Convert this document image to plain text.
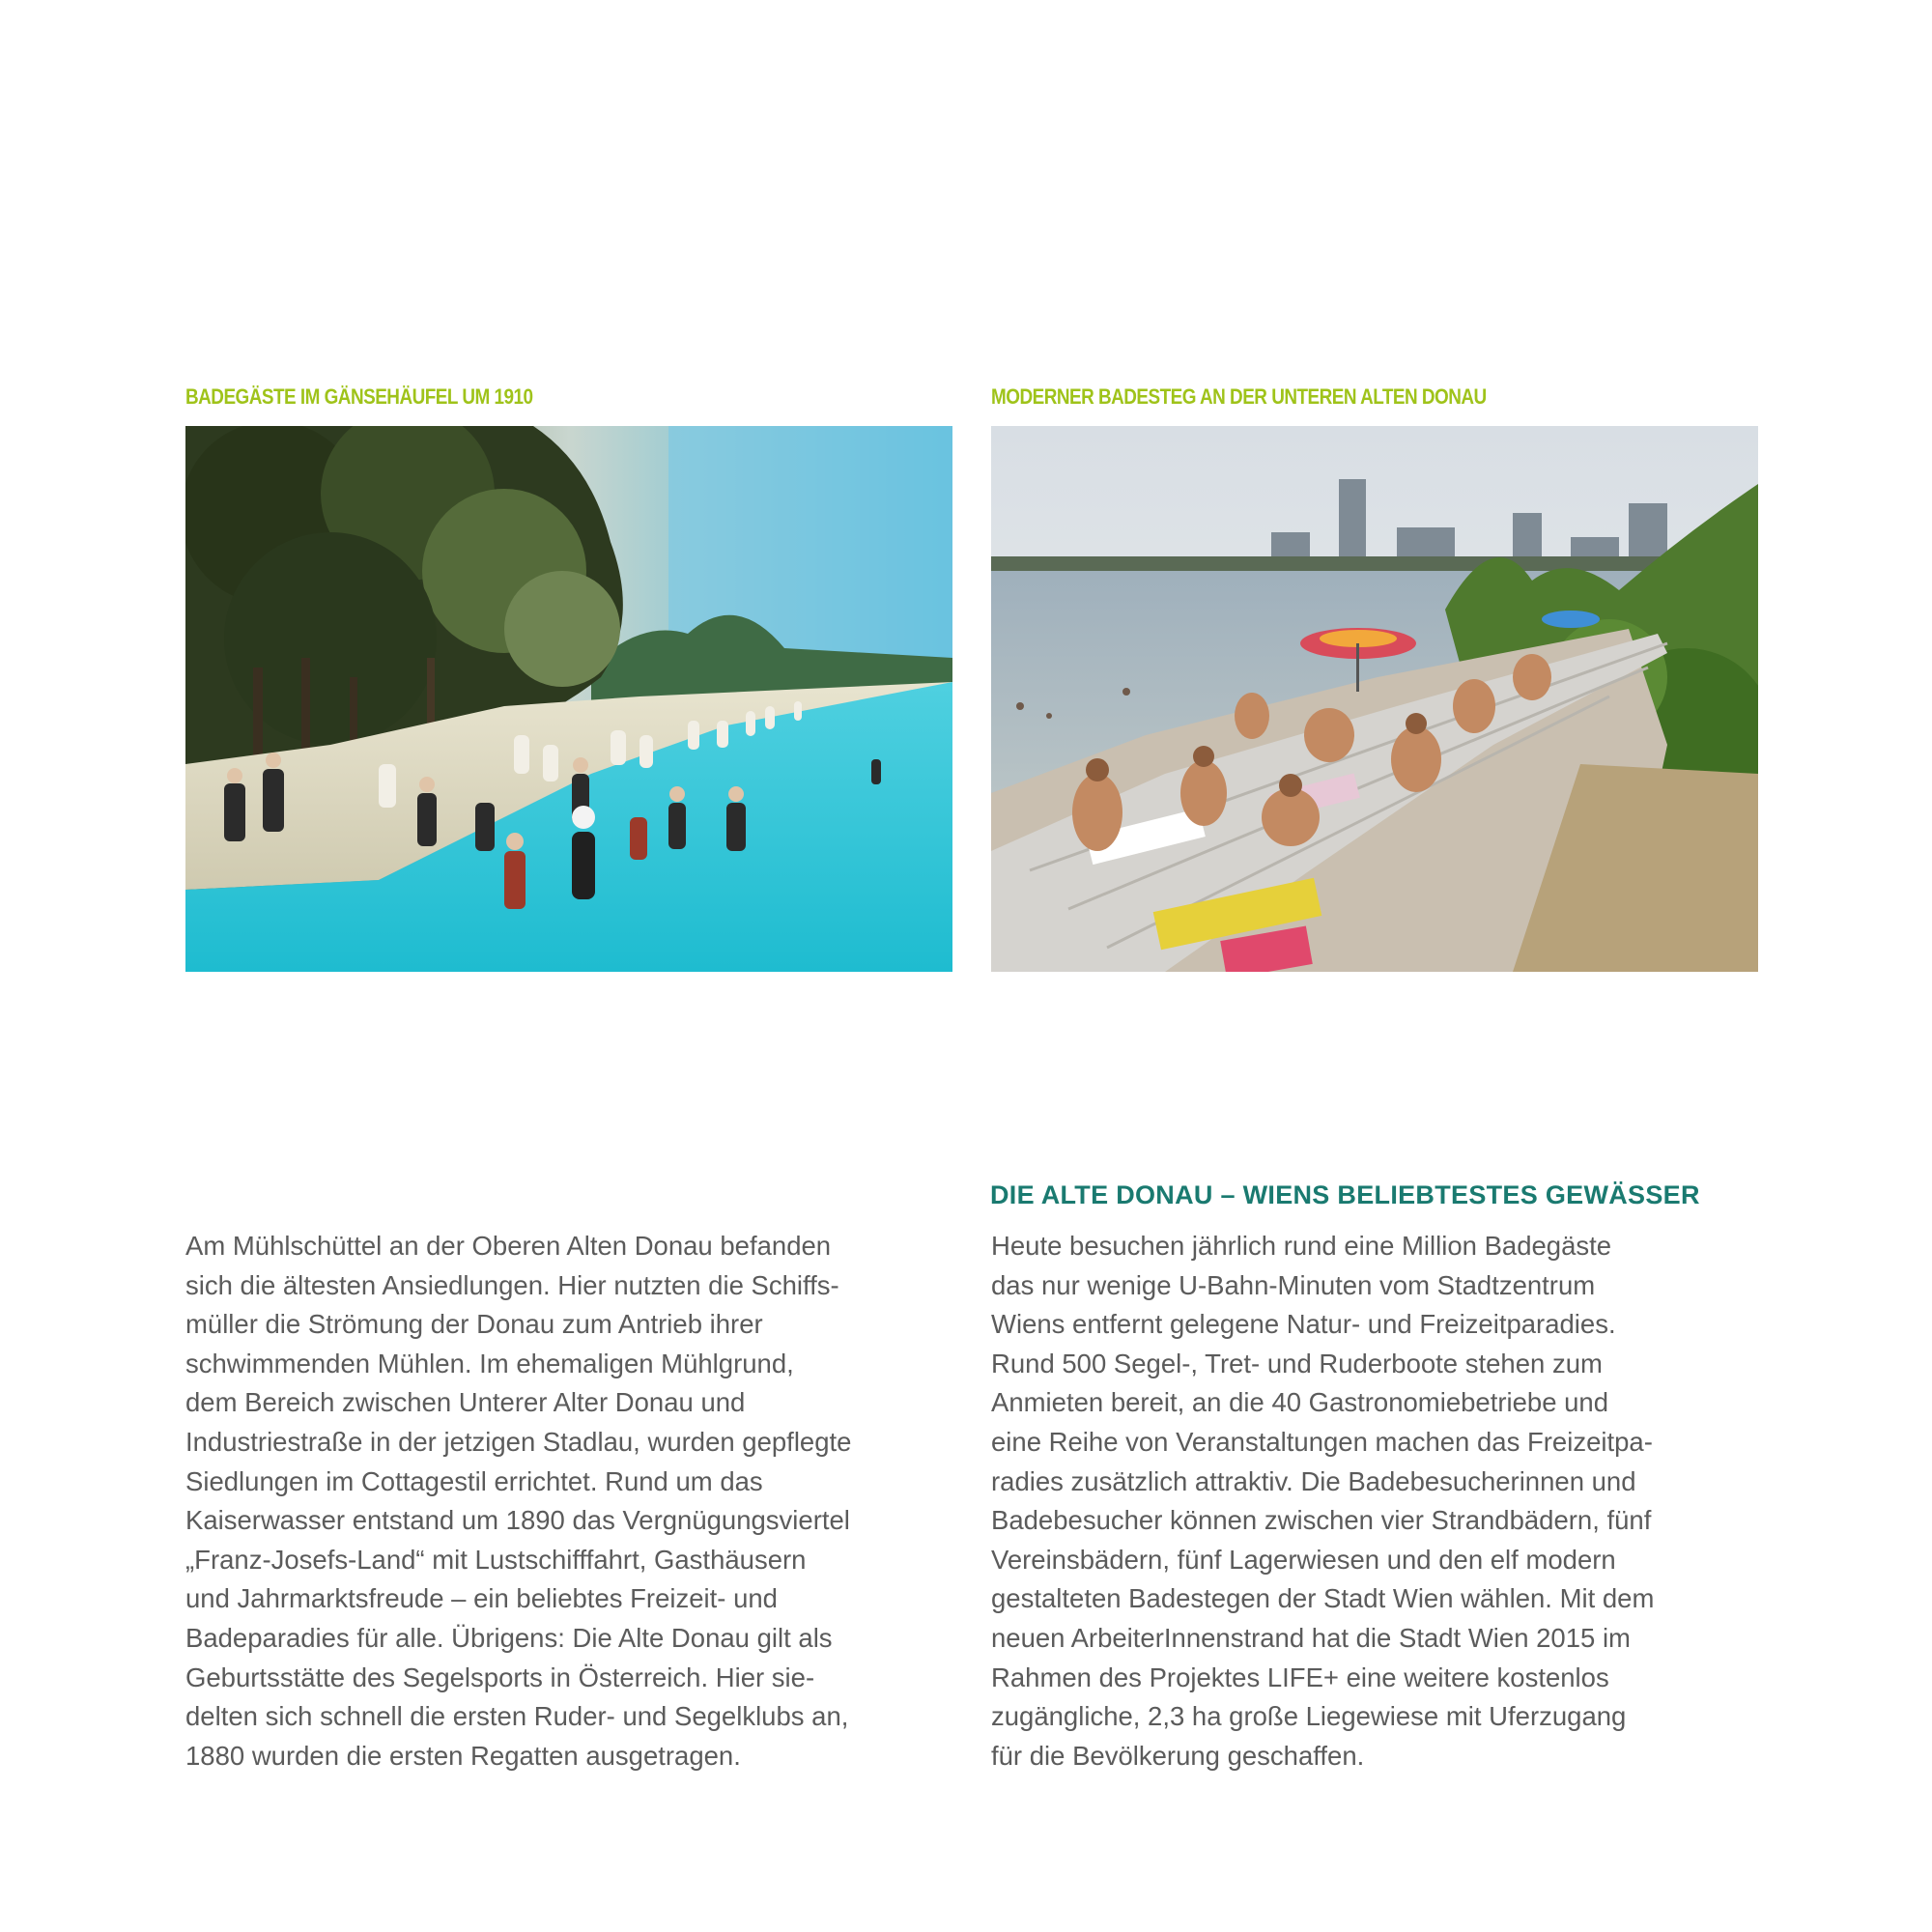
BADEGÄSTE IM GÄNSEHÄUFEL UM 1910	MODERNER BADESTEG AN DER UNTEREN ALTEN DONAU

DIE ALTE DONAU – WIENS BELIEBTESTES GEWÄSSER

Am Mühlschüttel an der Oberen Alten Donau befanden
sich die ältesten Ansiedlungen. Hier nutzten die Schiffs-
müller die Strömung der Donau zum Antrieb ihrer
schwimmenden Mühlen. Im ehemaligen Mühlgrund,
dem Bereich zwischen Unterer Alter Donau und
Industriestraße in der jetzigen Stadlau, wurden gepflegte
Siedlungen im Cottagestil errichtet. Rund um das
Kaiserwasser entstand um 1890 das Vergnügungsviertel
„Franz-Josefs-Land“ mit Lustschifffahrt, Gasthäusern
und Jahrmarktsfreude – ein beliebtes Freizeit- und
Badeparadies für alle. Übrigens: Die Alte Donau gilt als
Geburtsstätte des Segelsports in Österreich. Hier sie-
delten sich schnell die ersten Ruder- und Segelklubs an,
1880 wurden die ersten Regatten ausgetragen.
Heute besuchen jährlich rund eine Million Badegäste
das nur wenige U-Bahn-Minuten vom Stadtzentrum
Wiens entfernt gelegene Natur- und Freizeitparadies.
Rund 500 Segel-, Tret- und Ruderboote stehen zum
Anmieten bereit, an die 40 Gastronomiebetriebe und
eine Reihe von Veranstaltungen machen das Freizeitpa-
radies zusätzlich attraktiv. Die Badebesucherinnen und
Badebesucher können zwischen vier Strandbädern, fünf
Vereinsbädern, fünf Lagerwiesen und den elf modern
gestalteten Badestegen der Stadt Wien wählen. Mit dem
neuen ArbeiterInnenstrand hat die Stadt Wien 2015 im
Rahmen des Projektes LIFE+ eine weitere kostenlos
zugängliche, 2,3 ha große Liegewiese mit Uferzugang
für die Bevölkerung geschaffen.
